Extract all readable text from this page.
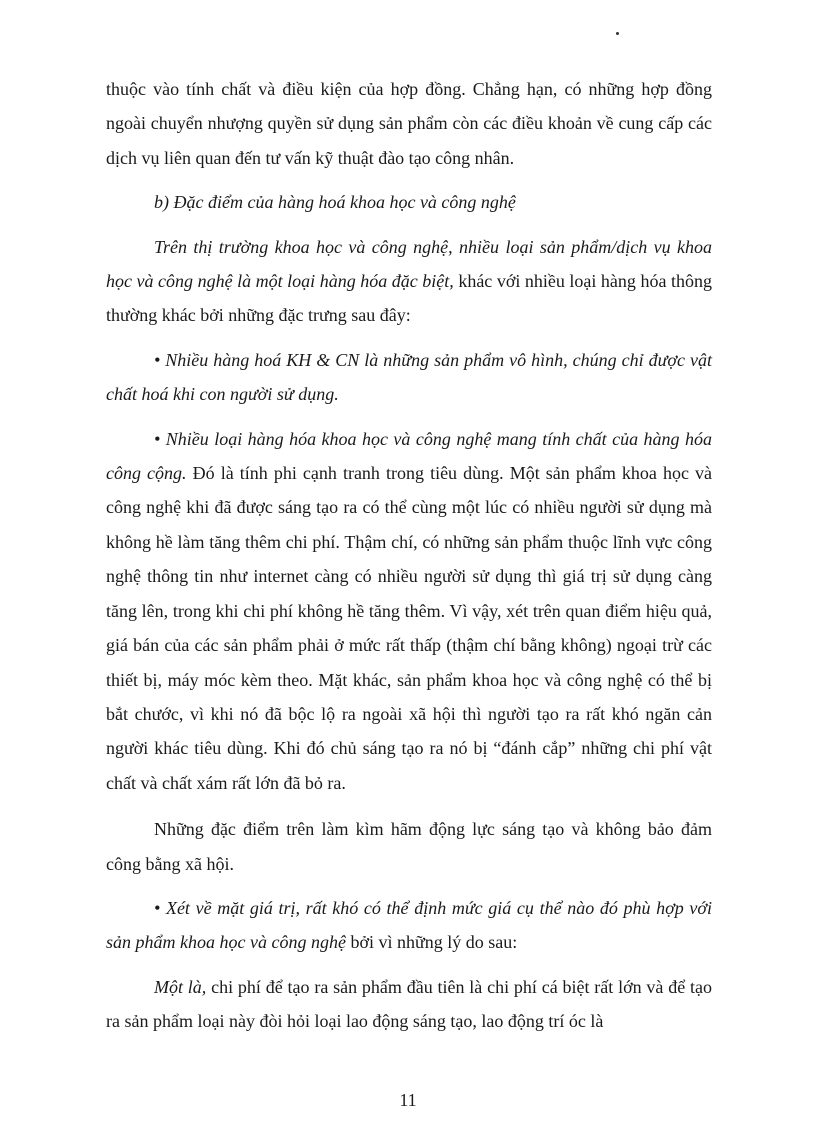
thuộc vào tính chất và điều kiện của hợp đồng. Chẳng hạn, có những hợp đồng ngoài chuyển nhượng quyền sử dụng sản phẩm còn các điều khoản về cung cấp các dịch vụ liên quan đến tư vấn kỹ thuật đào tạo công nhân.

b) Đặc điểm của hàng hoá khoa học và công nghệ

Trên thị trường khoa học và công nghệ, nhiều loại sản phẩm/dịch vụ khoa học và công nghệ là một loại hàng hóa đặc biệt, khác với nhiều loại hàng hóa thông thường khác bởi những đặc trưng sau đây:

• Nhiều hàng hoá KH & CN là những sản phẩm vô hình, chúng chỉ được vật chất hoá khi con người sử dụng.

• Nhiều loại hàng hóa khoa học và công nghệ mang tính chất của hàng hóa công cộng. Đó là tính phi cạnh tranh trong tiêu dùng. Một sản phẩm khoa học và công nghệ khi đã được sáng tạo ra có thể cùng một lúc có nhiều người sử dụng mà không hề làm tăng thêm chi phí. Thậm chí, có những sản phẩm thuộc lĩnh vực công nghệ thông tin như internet càng có nhiều người sử dụng thì giá trị sử dụng càng tăng lên, trong khi chi phí không hề tăng thêm. Vì vậy, xét trên quan điểm hiệu quả, giá bán của các sản phẩm phải ở mức rất thấp (thậm chí bằng không) ngoại trừ các thiết bị, máy móc kèm theo. Mặt khác, sản phẩm khoa học và công nghệ có thể bị bắt chước, vì khi nó đã bộc lộ ra ngoài xã hội thì người tạo ra rất khó ngăn cản người khác tiêu dùng. Khi đó chủ sáng tạo ra nó bị “đánh cắp” những chi phí vật chất và chất xám rất lớn đã bỏ ra.

Những đặc điểm trên làm kìm hãm động lực sáng tạo và không bảo đảm công bằng xã hội.

• Xét về mặt giá trị, rất khó có thể định mức giá cụ thể nào đó phù hợp với sản phẩm khoa học và công nghệ bởi vì những lý do sau:

Một là, chi phí để tạo ra sản phẩm đầu tiên là chi phí cá biệt rất lớn và để tạo ra sản phẩm loại này đòi hỏi loại lao động sáng tạo, lao động trí óc là

11
